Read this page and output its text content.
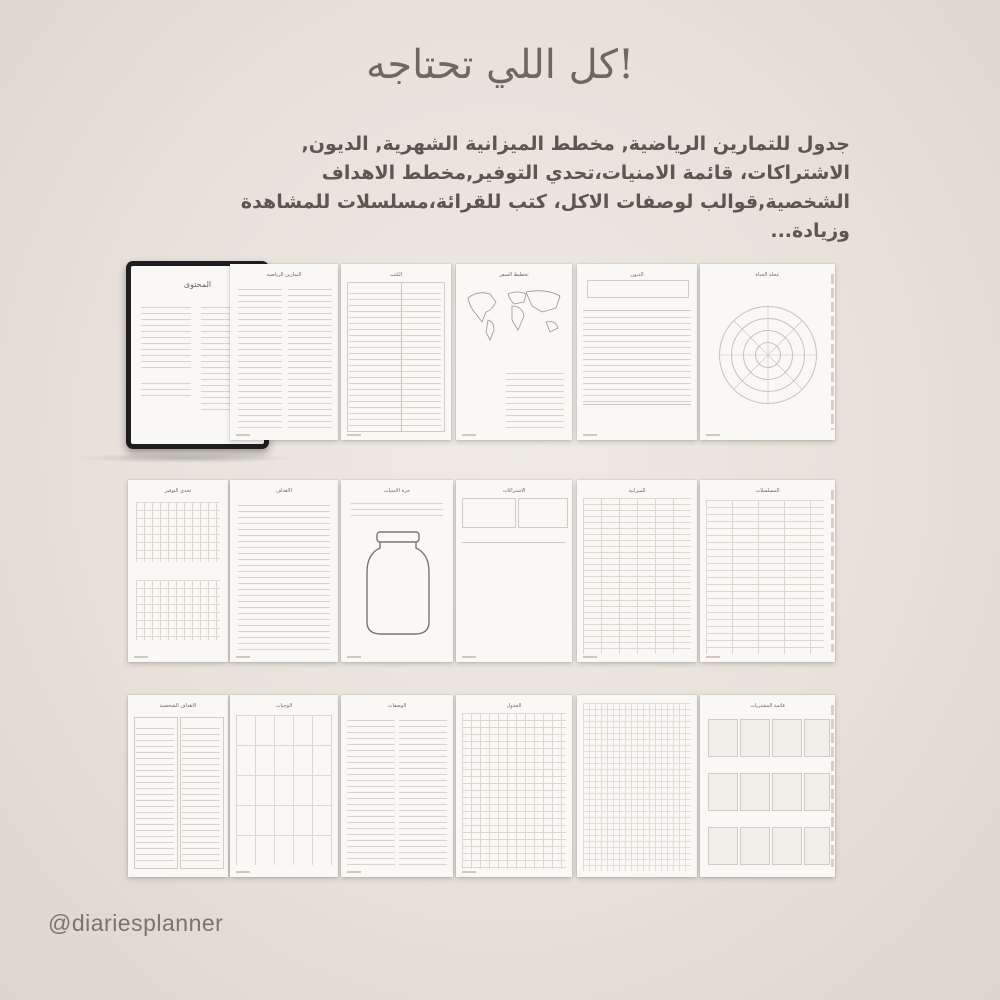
كل اللي تحتاجه!
جدول للتمارين الرياضية, مخطط الميزانية الشهرية, الديون, الاشتراكات، قائمة الامنيات،تحدي التوفير,مخطط الاهداف الشخصية,قوالب لوصفات الاكل، كتب للقرائة،مسلسلات للمشاهدة وزيادة...
المحتوى
التمارين الرياضية	الكتب	تخطيط السفر	الديون	عجلة الحياة
تحدي التوفير	الاهداف	جرة الامنيات	الاشتراكات	الميزانية	المسلسلات
الاهداف الشخصية	الوجبات	الوصفات	الجدول	قائمة المشتريات
@diariesplanner
